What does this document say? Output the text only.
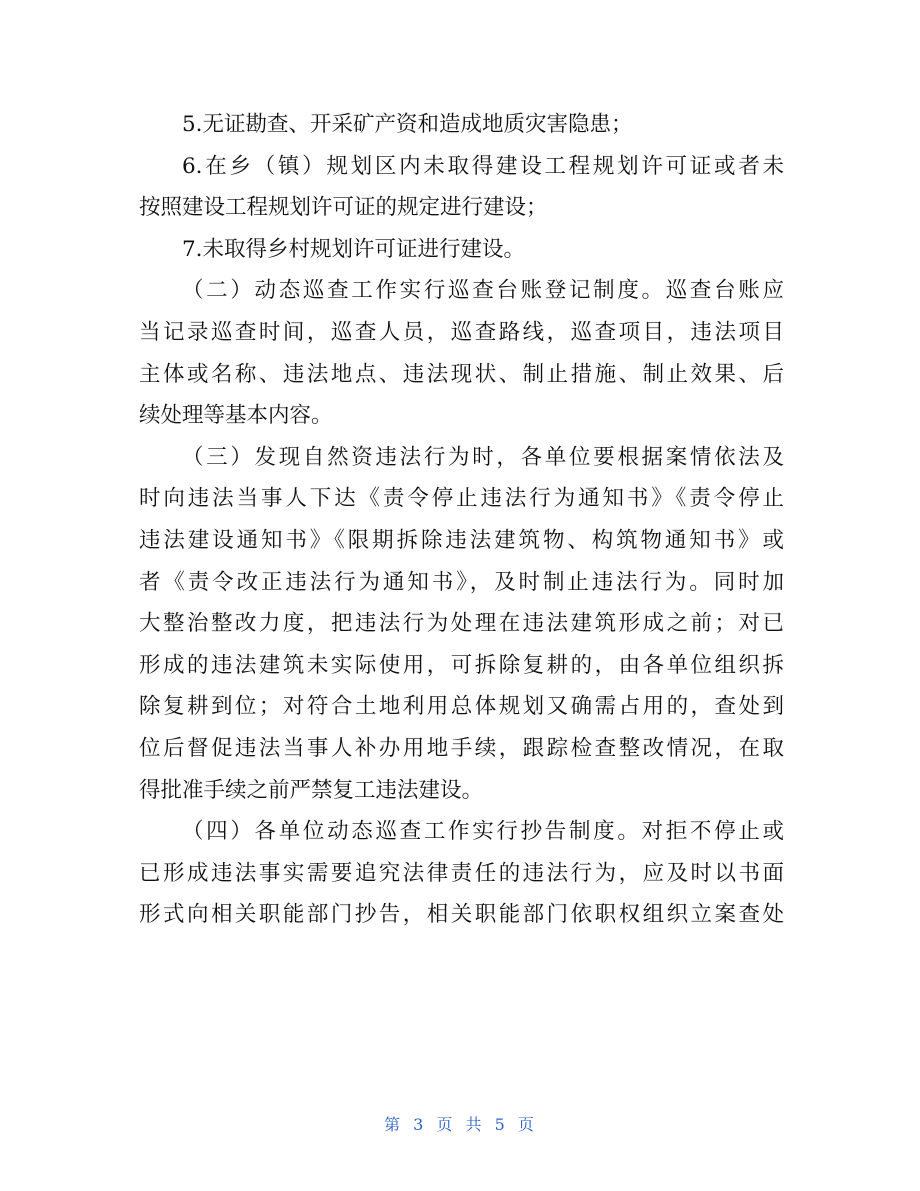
5.无证勘查、开采矿产资和造成地质灾害隐患；
6.在乡（镇）规划区内未取得建设工程规划许可证或者未
按照建设工程规划许可证的规定进行建设；
7.未取得乡村规划许可证进行建设。
（二）动态巡查工作实行巡查台账登记制度。巡查台账应
当记录巡查时间，巡查人员，巡查路线，巡查项目，违法项目
主体或名称、违法地点、违法现状、制止措施、制止效果、后
续处理等基本内容。
（三）发现自然资违法行为时，各单位要根据案情依法及
时向违法当事人下达《责令停止违法行为通知书》《责令停止
违法建设通知书》《限期拆除违法建筑物、构筑物通知书》或
者《责令改正违法行为通知书》，及时制止违法行为。同时加
大整治整改力度，把违法行为处理在违法建筑形成之前；对已
形成的违法建筑未实际使用，可拆除复耕的，由各单位组织拆
除复耕到位；对符合土地利用总体规划又确需占用的，查处到
位后督促违法当事人补办用地手续，跟踪检查整改情况，在取
得批准手续之前严禁复工违法建设。
（四）各单位动态巡查工作实行抄告制度。对拒不停止或
已形成违法事实需要追究法律责任的违法行为，应及时以书面
形式向相关职能部门抄告，相关职能部门依职权组织立案查处
第 3 页 共 5 页
